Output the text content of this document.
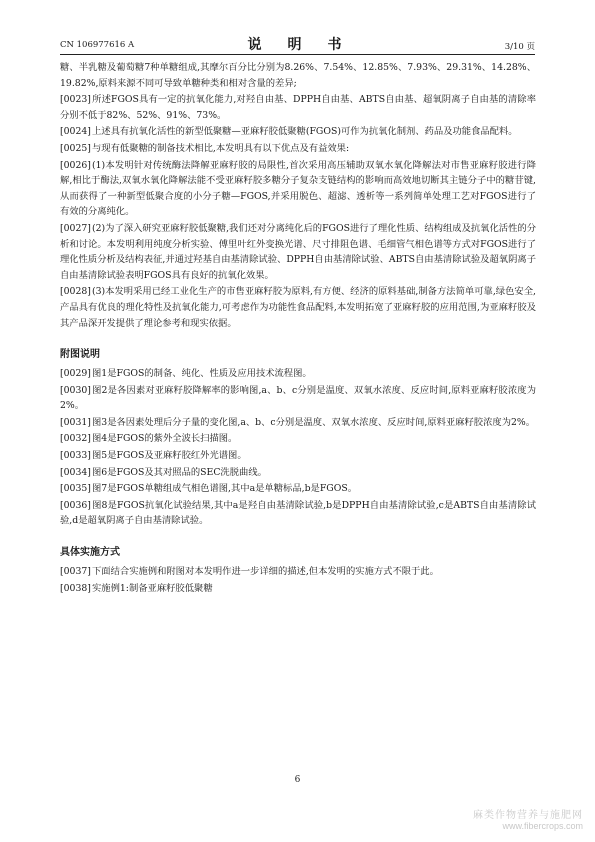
CN 106977616 A	说　明　书	3/10 页

糖、半乳糖及葡萄糖7种单糖组成,其摩尔百分比分别为8.26%、7.54%、12.85%、7.93%、29.31%、14.28%、19.82%,原料来源不同可导致单糖种类和相对含量的差异;

[0023]所述FGOS具有一定的抗氧化能力,对羟自由基、DPPH自由基、ABTS自由基、超氧阴离子自由基的清除率分别不低于82%、52%、91%、73%。

[0024]上述具有抗氧化活性的新型低聚糖—亚麻籽胶低聚糖(FGOS)可作为抗氧化制剂、药品及功能食品配料。

[0025]与现有低聚糖的制备技术相比,本发明具有以下优点及有益效果:

[0026](1)本发明针对传统酶法降解亚麻籽胶的局限性,首次采用高压辅助双氧水氧化降解法对市售亚麻籽胶进行降解,相比于酶法,双氧水氧化降解法能不受亚麻籽胶多糖分子复杂支链结构的影响而高效地切断其主链分子中的糖苷键,从而获得了一种新型低聚合度的小分子糖—FGOS,并采用脱色、超滤、透析等一系列简单处理工艺对FGOS进行了有效的分离纯化。

[0027](2)为了深入研究亚麻籽胶低聚糖,我们还对分离纯化后的FGOS进行了理化性质、结构组成及抗氧化活性的分析和讨论。本发明利用纯度分析实验、傅里叶红外变换光谱、尺寸排阻色谱、毛细管气相色谱等方式对FGOS进行了理化性质分析及结构表征,并通过羟基自由基清除试验、DPPH自由基清除试验、ABTS自由基清除试验及超氧阴离子自由基清除试验表明FGOS具有良好的抗氧化效果。

[0028](3)本发明采用已经工业化生产的市售亚麻籽胶为原料,有方便、经济的原料基础,制备方法简单可靠,绿色安全,产品具有优良的理化特性及抗氧化能力,可考虑作为功能性食品配料,本发明拓宽了亚麻籽胶的应用范围,为亚麻籽胶及其产品深开发提供了理论参考和现实依据。

附图说明

[0029]图1是FGOS的制备、纯化、性质及应用技术流程图。

[0030]图2是各因素对亚麻籽胶降解率的影响图,a、b、c分别是温度、双氧水浓度、反应时间,原料亚麻籽胶浓度为2%。

[0031]图3是各因素处理后分子量的变化图,a、b、c分别是温度、双氧水浓度、反应时间,原料亚麻籽胶浓度为2%。

[0032]图4是FGOS的紫外全波长扫描图。

[0033]图5是FGOS及亚麻籽胶红外光谱图。

[0034]图6是FGOS及其对照品的SEC洗脱曲线。

[0035]图7是FGOS单糖组成气相色谱图,其中a是单糖标品,b是FGOS。

[0036]图8是FGOS抗氧化试验结果,其中a是羟自由基清除试验,b是DPPH自由基清除试验,c是ABTS自由基清除试验,d是超氧阴离子自由基清除试验。

具体实施方式

[0037]下面结合实施例和附图对本发明作进一步详细的描述,但本发明的实施方式不限于此。

[0038]实施例1:制备亚麻籽胶低聚糖

6
麻类作物营养与施肥网
www.fibercrops.com
